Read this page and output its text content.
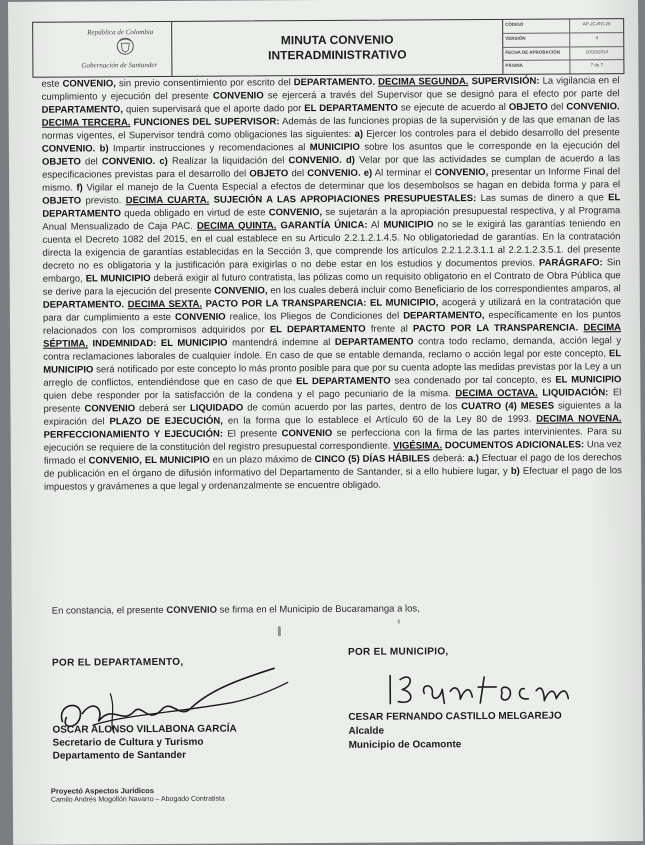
República de Colombia
Gobernación de Santander
MINUTA CONVENIO
INTERADMINISTRATIVO
CÓDIGO	AP-JC-RG-28
VERSIÓN	4
FECHA DE APROBACIÓN	10/10/2014
PÁGINA	7 de 7
este CONVENIO, sin previo consentimiento por escrito del DEPARTAMENTO. DECIMA SEGUNDA. SUPERVISIÓN: La vigilancia en el cumplimiento y ejecución del presente CONVENIO se ejercerá a través del Supervisor que se designó para el efecto por parte del DEPARTAMENTO, quien supervisará que el aporte dado por EL DEPARTAMENTO se ejecute de acuerdo al OBJETO del CONVENIO. DECIMA TERCERA. FUNCIONES DEL SUPERVISOR: Además de las funciones propias de la supervisión y de las que emanan de las normas vigentes, el Supervisor tendrá como obligaciones las siguientes: a) Ejercer los controles para el debido desarrollo del presente CONVENIO. b) Impartir instrucciones y recomendaciones al MUNICIPIO sobre los asuntos que le corresponde en la ejecución del OBJETO del CONVENIO. c) Realizar la liquidación del CONVENIO. d) Velar por que las actividades se cumplan de acuerdo a las especificaciones previstas para el desarrollo del OBJETO del CONVENIO. e) Al terminar el CONVENIO, presentar un Informe Final del mismo. f) Vigilar el manejo de la Cuenta Especial a efectos de determinar que los desembolsos se hagan en debida forma y para el OBJETO previsto. DECIMA CUARTA. SUJECIÓN A LAS APROPIACIONES PRESUPUESTALES: Las sumas de dinero a que EL DEPARTAMENTO queda obligado en virtud de este CONVENIO, se sujetarán a la apropiación presupuestal respectiva, y al Programa Anual Mensualizado de Caja PAC. DECIMA QUINTA. GARANTÍA ÚNICA: Al MUNICIPIO no se le exigirá las garantías teniendo en cuenta el Decreto 1082 del 2015, en el cual establece en su Articulo 2.2.1.2.1.4.5. No obligatoriedad de garantías. En la contratación directa la exigencia de garantías establecidas en la Sección 3, que comprende los artículos 2.2.1.2.3.1.1 al 2.2.1.2.3.5.1. del presente decreto no es obligatoria y la justificación para exigirlas o no debe estar en los estudios y documentos previos. PARÁGRAFO: Sin embargo, EL MUNICIPIO deberá exigir al futuro contratista, las pólizas como un requisito obligatorio en el Contrato de Obra Pública que se derive para la ejecución del presente CONVENIO, en los cuales deberá incluir como Beneficiario de los correspondientes amparos, al DEPARTAMENTO. DECIMA SEXTA. PACTO POR LA TRANSPARENCIA: EL MUNICIPIO, acogerá y utilizará en la contratación que para dar cumplimiento a este CONVENIO realice, los Pliegos de Condiciones del DEPARTAMENTO, específicamente en los puntos relacionados con los compromisos adquiridos por EL DEPARTAMENTO frente al PACTO POR LA TRANSPARENCIA. DECIMA SÉPTIMA. INDEMNIDAD: EL MUNICIPIO mantendrá indemne al DEPARTAMENTO contra todo reclamo, demanda, acción legal y contra reclamaciones laborales de cualquier índole. En caso de que se entable demanda, reclamo o acción legal por este concepto, EL MUNICIPIO será notificado por este concepto lo más pronto posible para que por su cuenta adopte las medidas previstas por la Ley a un arreglo de conflictos, entendiéndose que en caso de que EL DEPARTAMENTO sea condenado por tal concepto, es EL MUNICIPIO quien debe responder por la satisfacción de la condena y el pago pecuniario de la misma. DECIMA OCTAVA. LIQUIDACIÓN: El presente CONVENIO deberá ser LIQUIDADO de común acuerdo por las partes, dentro de los CUATRO (4) MESES siguientes a la expiración del PLAZO DE EJECUCIÓN, en la forma que lo establece el Artículo 60 de la Ley 80 de 1993. DECIMA NOVENA. PERFECCIONAMIENTO Y EJECUCIÓN: El presente CONVENIO se perfecciona con la firma de las partes intervinientes. Para su ejecución se requiere de la constitución del registro presupuestal correspondiente. VIGÉSIMA. DOCUMENTOS ADICIONALES: Una vez firmado el CONVENIO, EL MUNICIPIO en un plazo máximo de CINCO (5) DÍAS HÁBILES deberá: a.) Efectuar el pago de los derechos de publicación en el órgano de difusión informativo del Departamento de Santander, si a ello hubiere lugar, y b) Efectuar el pago de los impuestos y gravámenes a que legal y ordenanzalmente se encuentre obligado.
En constancia, el presente CONVENIO se firma en el Municipio de Bucaramanga a los,
POR EL DEPARTAMENTO,
POR EL MUNICIPIO,
OSCAR ALONSO VILLABONA GARCÍA
Secretario de Cultura y Turismo
Departamento de Santander
CESAR FERNANDO CASTILLO MELGAREJO
Alcalde
Municipio de Ocamonte
Proyectó Aspectos Jurídicos
Camilo Andrés Mogollón Navarro – Abogado Contratista
